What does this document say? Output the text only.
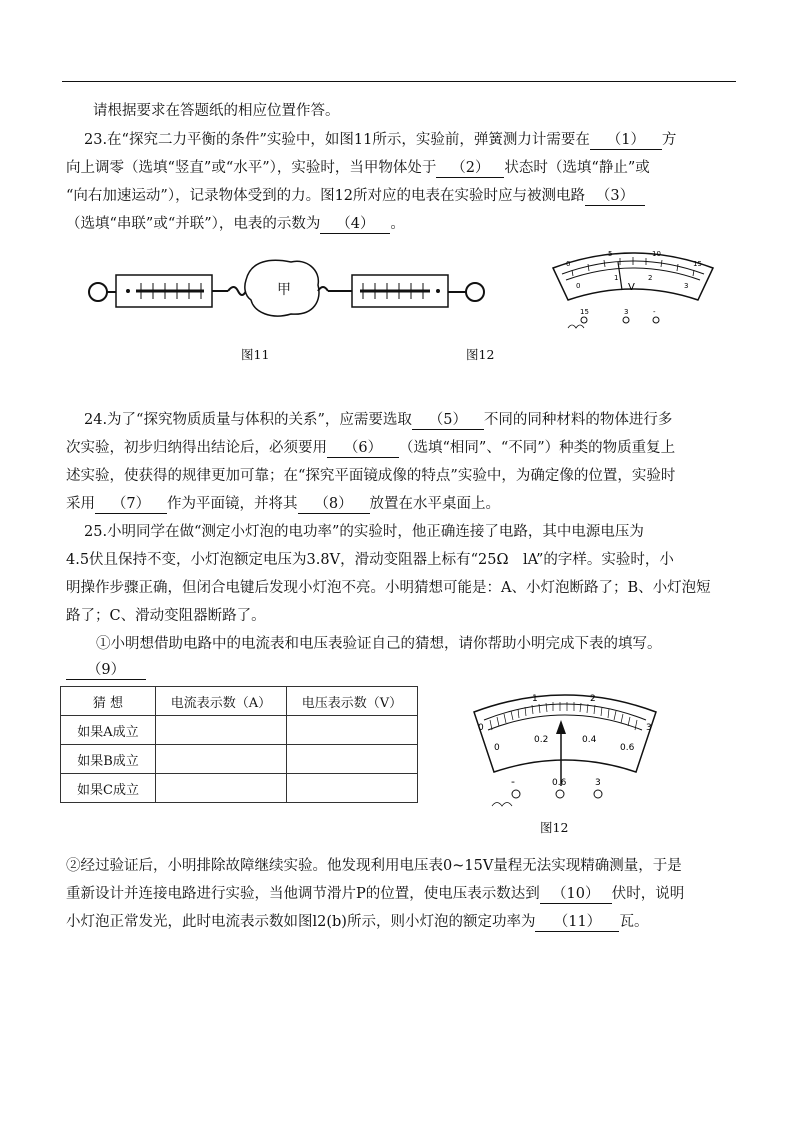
请根据要求在答题纸的相应位置作答。
23.在“探究二力平衡的条件”实验中，如图11所示，实验前，弹簧测力计需要在 （1） 方
向上调零（选填“竖直”或“水平”），实验时，当甲物体处于 （2） 状态时（选填“静止”或
“向右加速运动”），记录物体受到的力。图12所对应的电表在实验时应与被测电路 （3）
（选填“串联”或“并联”），电表的示数为 （4） 。
甲
图11
0
5	10
15
0
1	2
3
V
15	3	-
图12
24.为了“探究物质质量与体积的关系”，应需要选取 （5） 不同的同种材料的物体进行多
次实验，初步归纳得出结论后，必须要用 （6） （选填“相同”、“不同”）种类的物质重复上
述实验，使获得的规律更加可靠；在“探究平面镜成像的特点”实验中，为确定像的位置，实验时
采用 （7） 作为平面镜，并将其 （8） 放置在水平桌面上。
25.小明同学在做“测定小灯泡的电功率”的实验时，他正确连接了电路，其中电源电压为
4.5伏且保持不变，小灯泡额定电压为3.8V，滑动变阻器上标有“25Ω　lA”的字样。实验时，小
明操作步骤正确，但闭合电键后发现小灯泡不亮。小明猜想可能是：A、小灯泡断路了；B、小灯泡短
路了；C、滑动变阻器断路了。
①小明想借助电路中的电流表和电压表验证自己的猜想，请你帮助小明完成下表的填写。
（9）
猜 想	电流表示数（A）	电压表示数（V）
如果A成立		
如果B成立		
如果C成立		
0
1	2
3
0
0.2	0.4
0.6
-	0.6	3
图12
②经过验证后，小明排除故障继续实验。他发现利用电压表0~15V量程无法实现精确测量，于是
重新设计并连接电路进行实验，当他调节滑片P的位置，使电压表示数达到 （10） 伏时，说明
小灯泡正常发光，此时电流表示数如图l2(b)所示，则小灯泡的额定功率为 （11） 瓦。
